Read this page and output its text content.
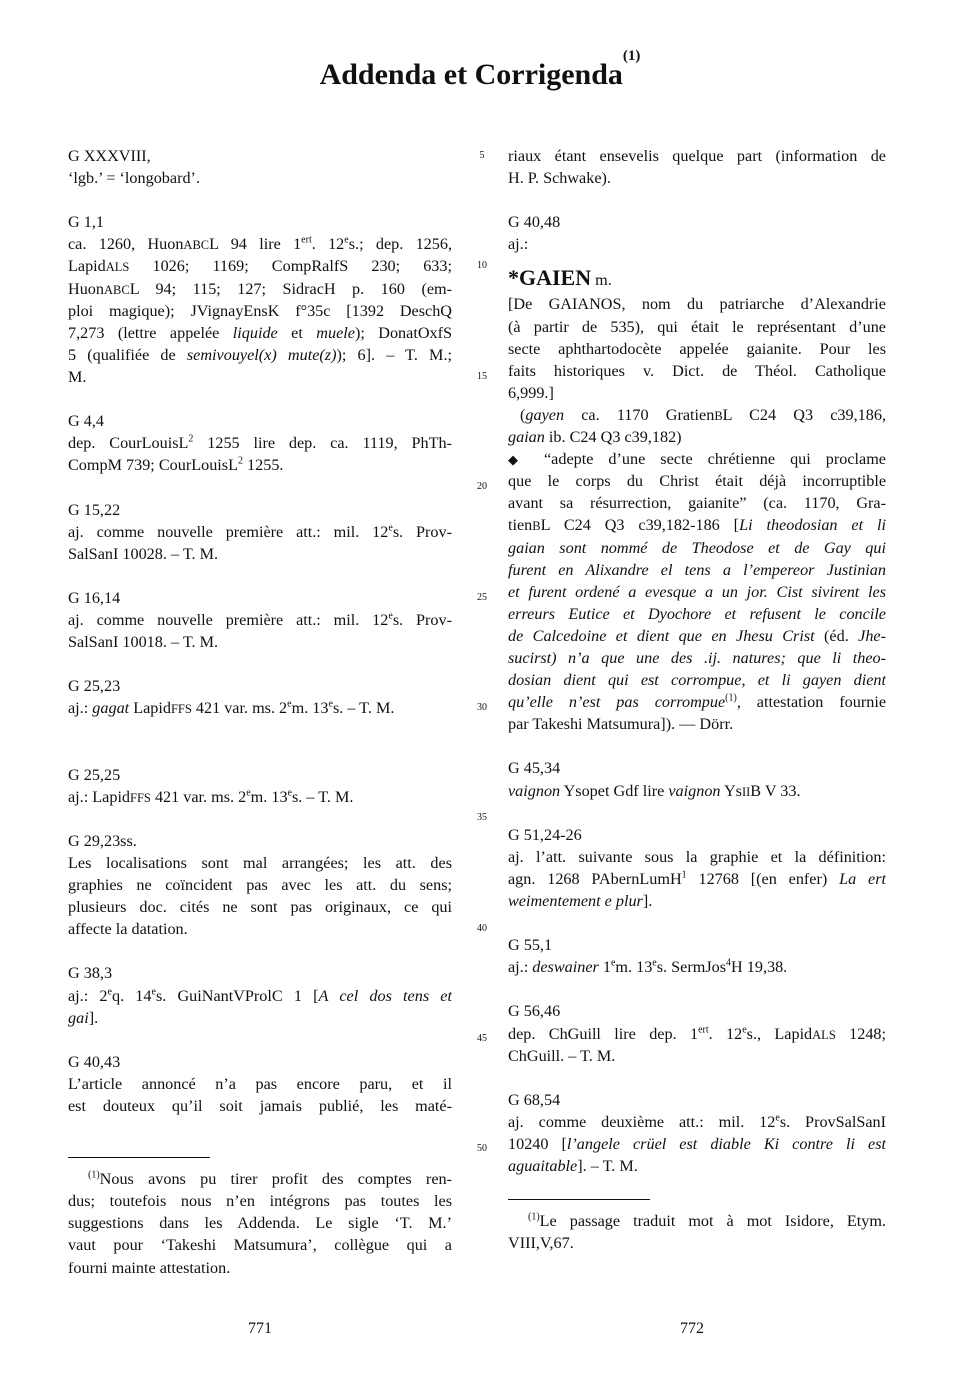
Addenda et Corrigenda$^{(1)}$
G XXXVIII,
‘lgb.’ = ‘longobard’.
G 1,1
ca. 1260, HuonABCL 94 lire $1^{ert}$. 12es.; dep. 1256,
LapidALS 1026; 1169; CompRalfS 230; 633;
HuonABCL 94; 115; 127; SidracH p. 160 (em-
ploi magique); JVignayEnsK f°35c [1392 DeschQ
7,273 (lettre appelée liquide et muele); DonatOxfS
5 (qualifiée de semivouyel(x) mute(z)); 6]. – T. M.;
M.
G 4,4
dep. CourLouisL$^2$ 1255 lire dep. ca. 1119, PhTh-
CompM 739; CourLouisL$^2$ 1255.
G 15,22
aj. comme nouvelle première att.: mil. 12es. Prov-
SalSanI 10028. – T. M.
G 16,14
aj. comme nouvelle première att.: mil. 12es. Prov-
SalSanI 10018. – T. M.
G 25,23
aj.: gagat LapidFFS 421 var. ms. 2em. 13es. – T. M.
G 25,25
aj.: LapidFFS 421 var. ms. 2em. 13es. – T. M.
G 29,23ss.
Les localisations sont mal arrangées; les att. des
graphies ne coïncident pas avec les att. du sens;
plusieurs doc. cités ne sont pas originaux, ce qui
affecte la datation.
G 38,3
aj.: 2eq. 14es. GuiNantVProlC 1 [A cel dos tens et
gai].
G 40,43
L’article annoncé n’a pas encore paru, et il
est douteux qu’il soit jamais publié, les maté-
$^{(1)}$Nous avons pu tirer profit des comptes ren-
dus; toutefois nous n’en intégrons pas toutes les
suggestions dans les Addenda. Le sigle ‘T. M.’
vaut pour ‘Takeshi Matsumura’, collègue qui a
fourni mainte attestation.
riaux étant ensevelis quelque part (information de
H. P. Schwake).
G 40,48
aj.:
*GAIEN m.
[De GAIANOS, nom du patriarche d’Alexandrie
(à partir de 535), qui était le représentant d’une
secte aphthartodocète appelée gaianite. Pour les
faits historiques v. Dict. de Théol. Catholique
6,999.]
(gayen ca. 1170 GratienBL C24 Q3 c39,186,
gaian ib. C24 Q3 c39,182)
◆ “adepte d’une secte chrétienne qui proclame
que le corps du Christ était déjà incorruptible
avant sa résurrection, gaianite” (ca. 1170, Gra-
tienBL C24 Q3 c39,182-186 [Li theodosian et li
gaian sont nommé de Theodose et de Gay qui
furent en Alixandre el tens a l’empereor Justinian
et furent ordené a evesque a un jor. Cist sivirent les
erreurs Eutice et Dyochore et refusent le concile
de Calcedoine et dient que en Jhesu Crist (éd. Jhe-
sucirst) n’a que une des .ij. natures; que li theo-
dosian dient qui est corrompue, et li gayen dient
qu’elle n’est pas corrompue$^{(1)}$, attestation fournie
par Takeshi Matsumura]). — Dörr.
G 45,34
vaignon Ysopet Gdf lire vaignon YsIIB V 33.
G 51,24-26
aj. l’att. suivante sous la graphie et la définition:
agn. 1268 PAbernLumH$^1$ 12768 [(en enfer) La ert
weimentement e plur].
G 55,1
aj.: deswainer 1em. 13es. SermJos$^4$H 19,38.
G 56,46
dep. ChGuill lire dep. $1^{ert}$. 12es., LapidALS 1248;
ChGuill. – T. M.
G 68,54
aj. comme deuxième att.: mil. 12es. ProvSalSanI
10240 [l’angele crüel est diable Ki contre li est
aguaitable]. – T. M.
$^{(1)}$Le passage traduit mot à mot Isidore, Etym.
VIII,V,67.
5
10
15
20
25
30
35
40
45
50
771	772
